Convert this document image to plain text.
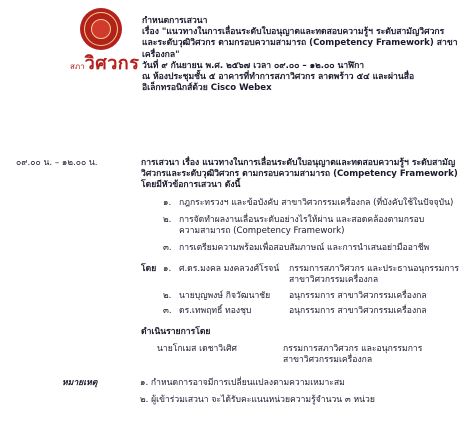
สภาวิศวกร
กำหนดการเสวนา
เรื่อง "แนวทางในการเลื่อนระดับใบอนุญาตและทดสอบความรู้ฯ ระดับสามัญวิศวกร
และระดับวุฒิวิศวกร ตามกรอบความสามารถ (Competency Framework) สาขา
เครื่องกล"
วันที่ ๙ กันยายน พ.ศ. ๒๕๖๗ เวลา ๐๙.๐๐ – ๑๒.๐๐ นาฬิกา
ณ ห้องประชุมชั้น ๕ อาคารที่ทำการสภาวิศวกร ลาดพร้าว ๕๔ และผ่านสื่อ
อิเล็กทรอนิกส์ด้วย Cisco Webex
๐๙.๐๐ น. – ๑๒.๐๐ น.	การเสวนา เรื่อง แนวทางในการเลื่อนระดับใบอนุญาตและทดสอบความรู้ฯ ระดับสามัญ
วิศวกรและระดับวุฒิวิศวกร ตามกรอบความสามารถ (Competency Framework)
โดยมีหัวข้อการเสวนา ดังนี้
๑. กฎกระทรวงฯ และข้อบังคับ สาขาวิศวกรรมเครื่องกล (ที่บังคับใช้ในปัจจุบัน)
๒. การจัดทำผลงานเลื่อนระดับอย่างไรให้ผ่าน และสอดคล้องตามกรอบ
ความสามารถ (Competency Framework)
๓. การเตรียมความพร้อมเพื่อสอบสัมภาษณ์ และการนำเสนอย่ามืออาชีพ
โดย ๑. ศ.ดร.มงคล มงคลวงศ์โรจน์	กรรมการสภาวิศวกร และประธานอนุกรรมการ
สาขาวิศวกรรมเครื่องกล
๒. นายบุญพงษ์ กิจวัฒนาชัย	อนุกรรมการ สาขาวิศวกรรมเครื่องกล
๓. ดร.เทพฤทธิ์ ทองชุบ	อนุกรรมการ สาขาวิศวกรรมเครื่องกล
ดำเนินรายการโดย
นายโกเมส เดชาวิเศิศ	กรรมการสภาวิศวกร และอนุกรรมการ
สาขาวิศวกรรมเครื่องกล
หมายเหตุ	๑. กำหนดการอาจมีการเปลี่ยนแปลงตามความเหมาะสม
๒. ผู้เข้าร่วมเสวนา จะได้รับคะแนนหน่วยความรู้จำนวน ๓ หน่วย
